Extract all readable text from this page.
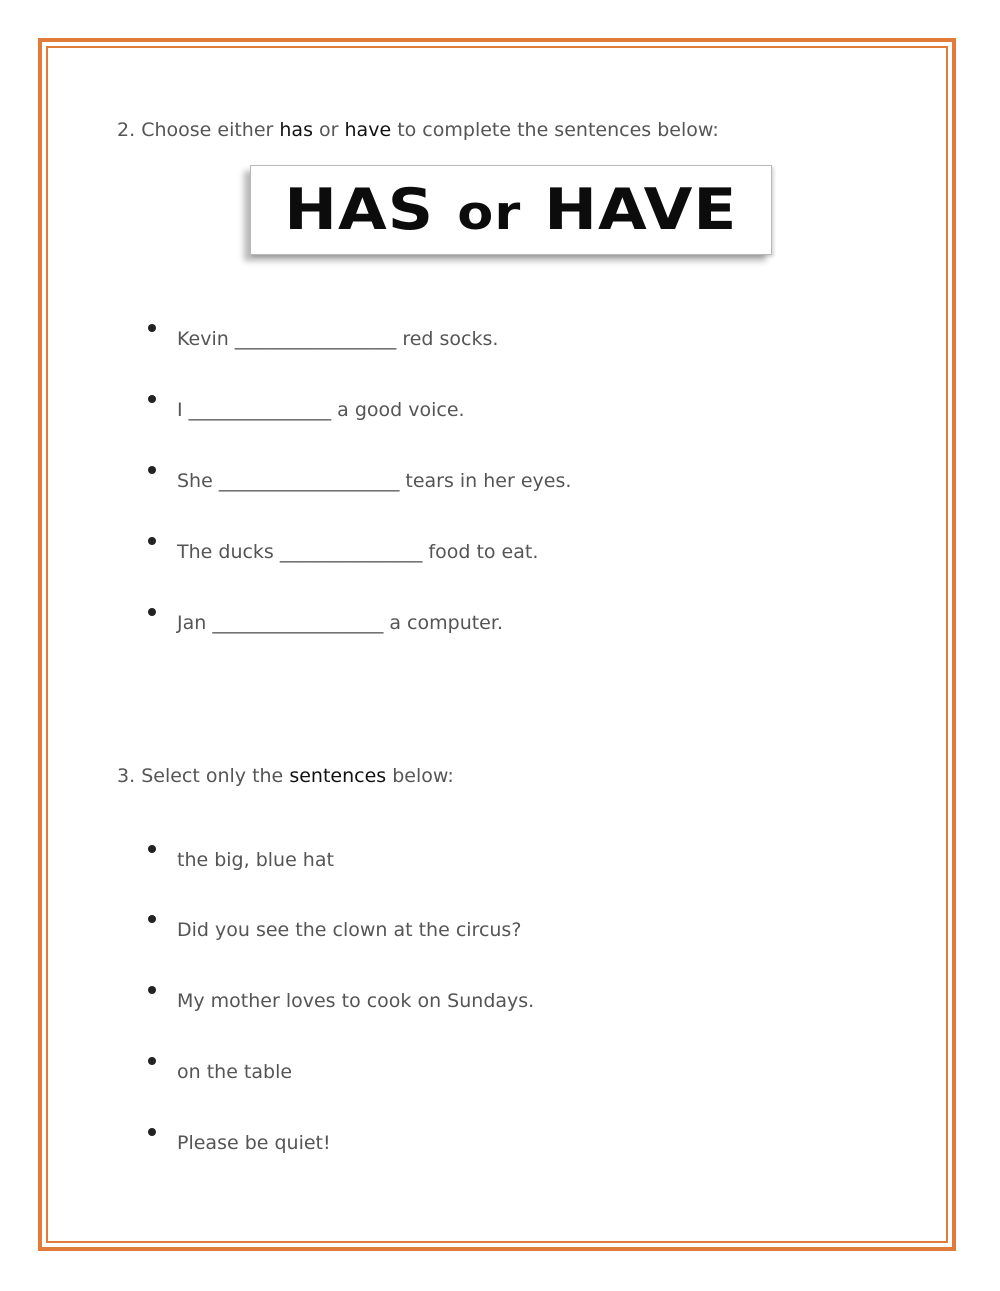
2. Choose either has or have to complete the sentences below:
HAS or HAVE
Kevin _________________ red socks.
I _______________ a good voice.
She ___________________ tears in her eyes.
The ducks _______________ food to eat.
Jan __________________ a computer.
3. Select only the sentences below:
the big, blue hat
Did you see the clown at the circus?
My mother loves to cook on Sundays.
on the table
Please be quiet!
